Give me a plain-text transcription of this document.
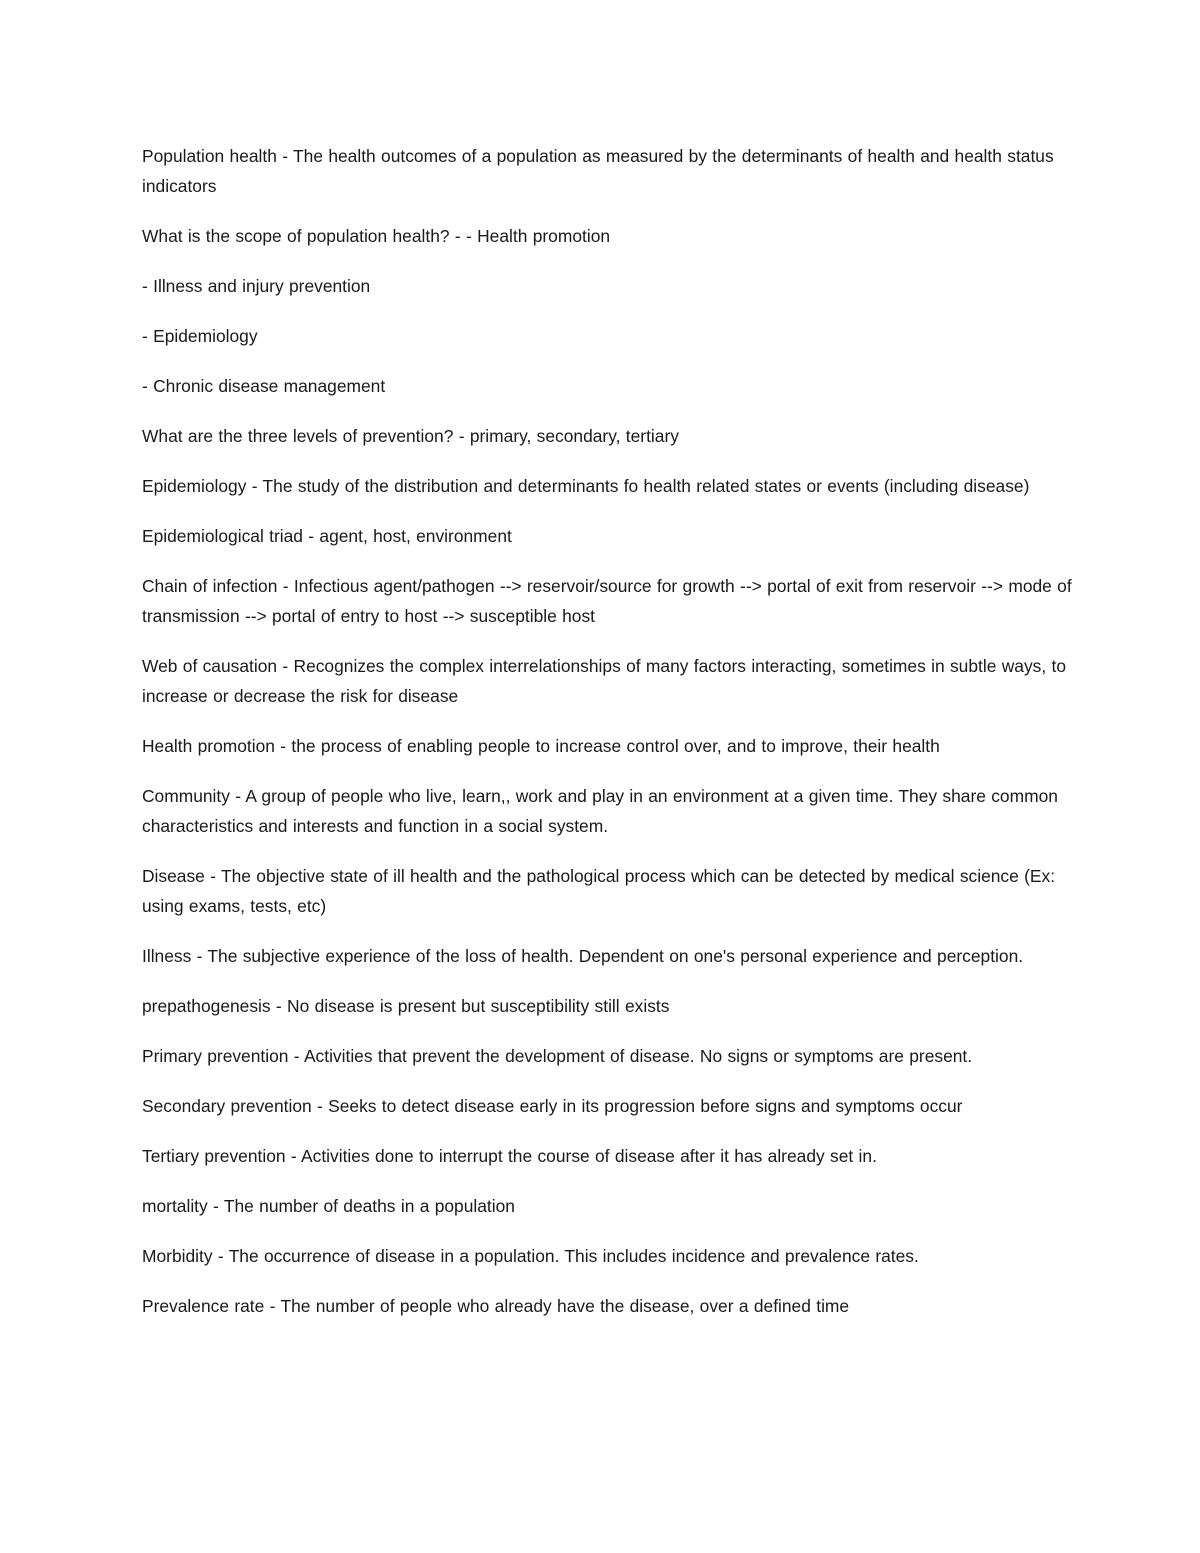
Population health - The health outcomes of a population as measured by the determinants of health and health status indicators

What is the scope of population health? - - Health promotion

- Illness and injury prevention

- Epidemiology

- Chronic disease management

What are the three levels of prevention? - primary, secondary, tertiary

Epidemiology - The study of the distribution and determinants fo health related states or events (including disease)

Epidemiological triad - agent, host, environment

Chain of infection - Infectious agent/pathogen --> reservoir/source for growth --> portal of exit from reservoir --> mode of transmission --> portal of entry to host --> susceptible host

Web of causation - Recognizes the complex interrelationships of many factors interacting, sometimes in subtle ways, to increase or decrease the risk for disease

Health promotion - the process of enabling people to increase control over, and to improve, their health

Community - A group of people who live, learn,, work and play in an environment at a given time. They share common characteristics and interests and function in a social system.

Disease - The objective state of ill health and the pathological process which can be detected by medical science (Ex: using exams, tests, etc)

Illness - The subjective experience of the loss of health. Dependent on one's personal experience and perception.

prepathogenesis - No disease is present but susceptibility still exists

Primary prevention - Activities that prevent the development of disease. No signs or symptoms are present.

Secondary prevention - Seeks to detect disease early in its progression before signs and symptoms occur

Tertiary prevention - Activities done to interrupt the course of disease after it has already set in.

mortality - The number of deaths in a population

Morbidity - The occurrence of disease in a population. This includes incidence and prevalence rates.

Prevalence rate - The number of people who already have the disease, over a defined time
